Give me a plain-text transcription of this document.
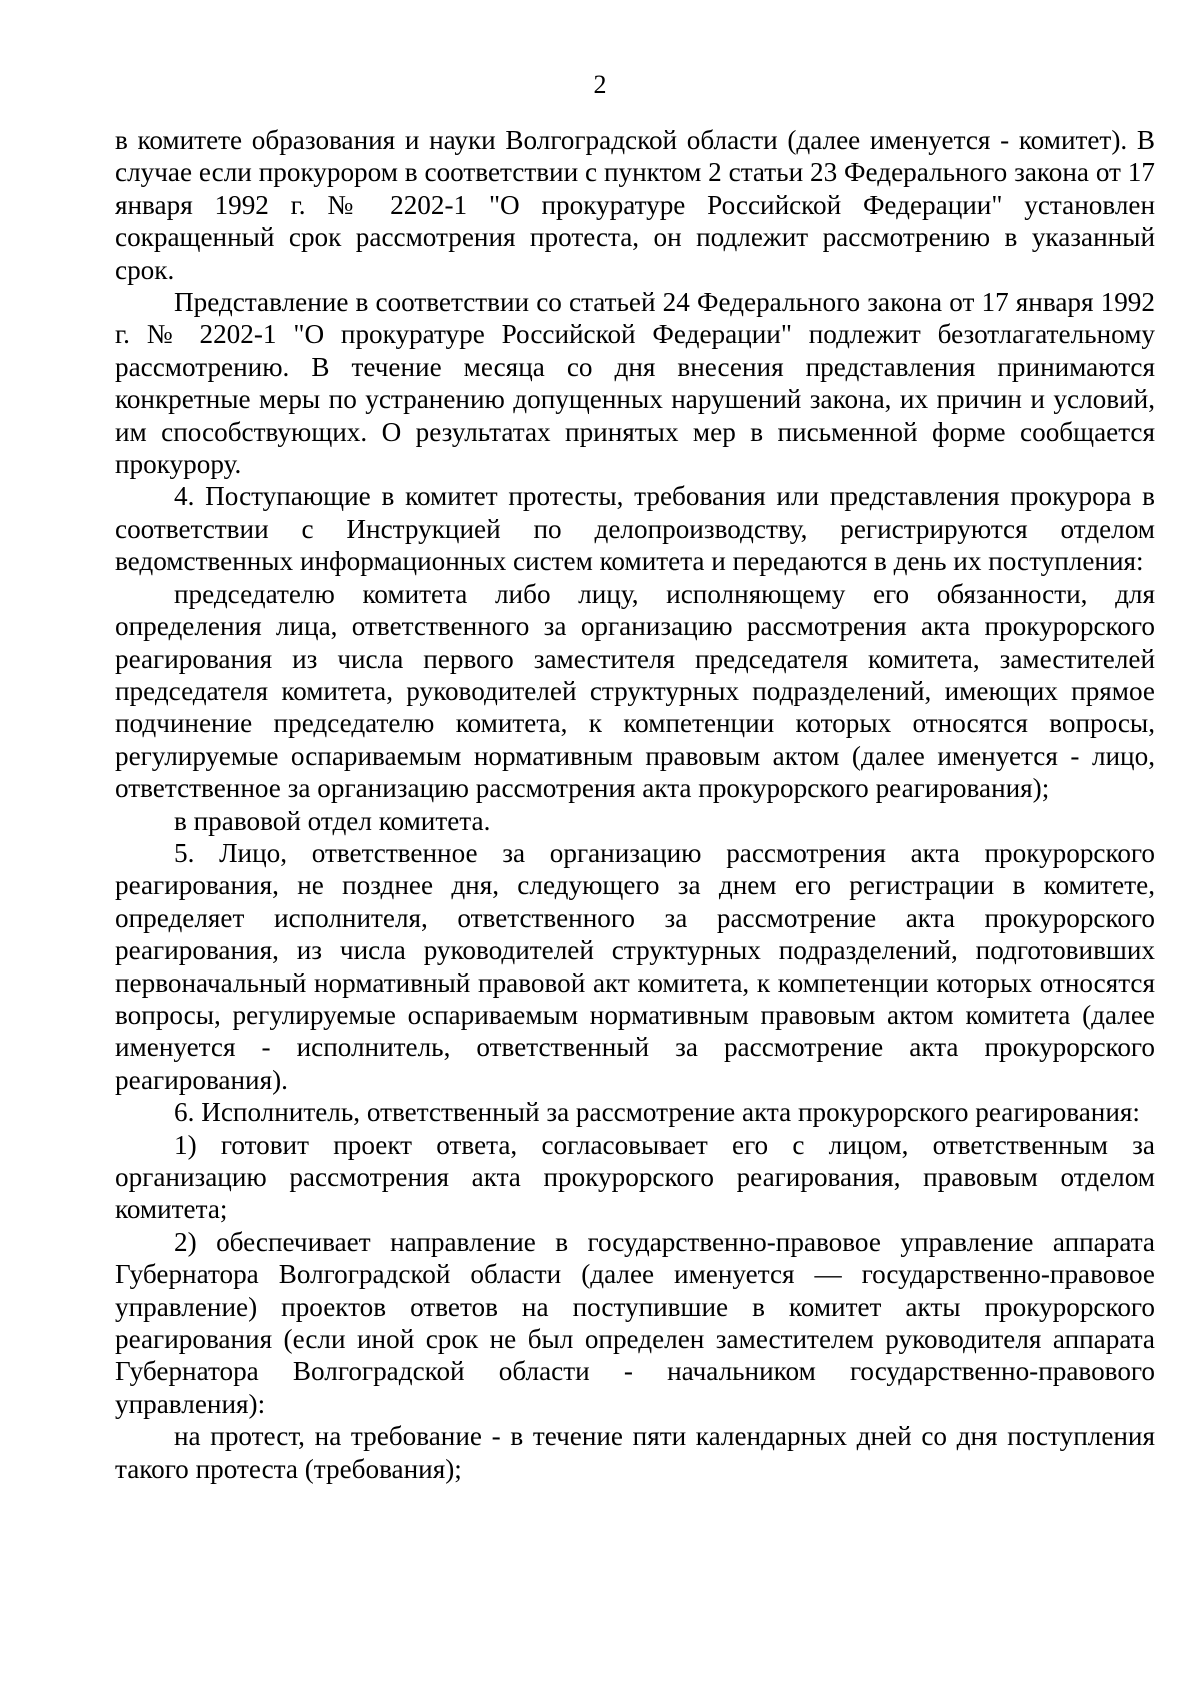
2

в комитете образования и науки Волгоградской области (далее именуется - комитет). В случае если прокурором в соответствии с пунктом 2 статьи 23 Федерального закона от 17 января 1992 г. № 2202-1 "О прокуратуре Российской Федерации" установлен сокращенный срок рассмотрения протеста, он подлежит рассмотрению в указанный срок.

Представление в соответствии со статьей 24 Федерального закона от 17 января 1992 г. № 2202-1 "О прокуратуре Российской Федерации" подлежит безотлагательному рассмотрению. В течение месяца со дня внесения представления принимаются конкретные меры по устранению допущенных нарушений закона, их причин и условий, им способствующих. О результатах принятых мер в письменной форме сообщается прокурору.

4. Поступающие в комитет протесты, требования или представления прокурора в соответствии с Инструкцией по делопроизводству, регистрируются отделом ведомственных информационных систем комитета и передаются в день их поступления:

председателю комитета либо лицу, исполняющему его обязанности, для определения лица, ответственного за организацию рассмотрения акта прокурорского реагирования из числа первого заместителя председателя комитета, заместителей председателя комитета, руководителей структурных подразделений, имеющих прямое подчинение председателю комитета, к компетенции которых относятся вопросы, регулируемые оспариваемым нормативным правовым актом (далее именуется - лицо, ответственное за организацию рассмотрения акта прокурорского реагирования);

в правовой отдел комитета.

5. Лицо, ответственное за организацию рассмотрения акта прокурорского реагирования, не позднее дня, следующего за днем его регистрации в комитете, определяет исполнителя, ответственного за рассмотрение акта прокурорского реагирования, из числа руководителей структурных подразделений, подготовивших первоначальный нормативный правовой акт комитета, к компетенции которых относятся вопросы, регулируемые оспариваемым нормативным правовым актом комитета (далее именуется - исполнитель, ответственный за рассмотрение акта прокурорского реагирования).

6. Исполнитель, ответственный за рассмотрение акта прокурорского реагирования:

1) готовит проект ответа, согласовывает его с лицом, ответственным за организацию рассмотрения акта прокурорского реагирования, правовым отделом комитета;

2) обеспечивает направление в государственно-правовое управление аппарата Губернатора Волгоградской области (далее именуется — государственно-правовое управление) проектов ответов на поступившие в комитет акты прокурорского реагирования (если иной срок не был определен заместителем руководителя аппарата Губернатора Волгоградской области - начальником государственно-правового управления):

на протест, на требование - в течение пяти календарных дней со дня поступления такого протеста (требования);
